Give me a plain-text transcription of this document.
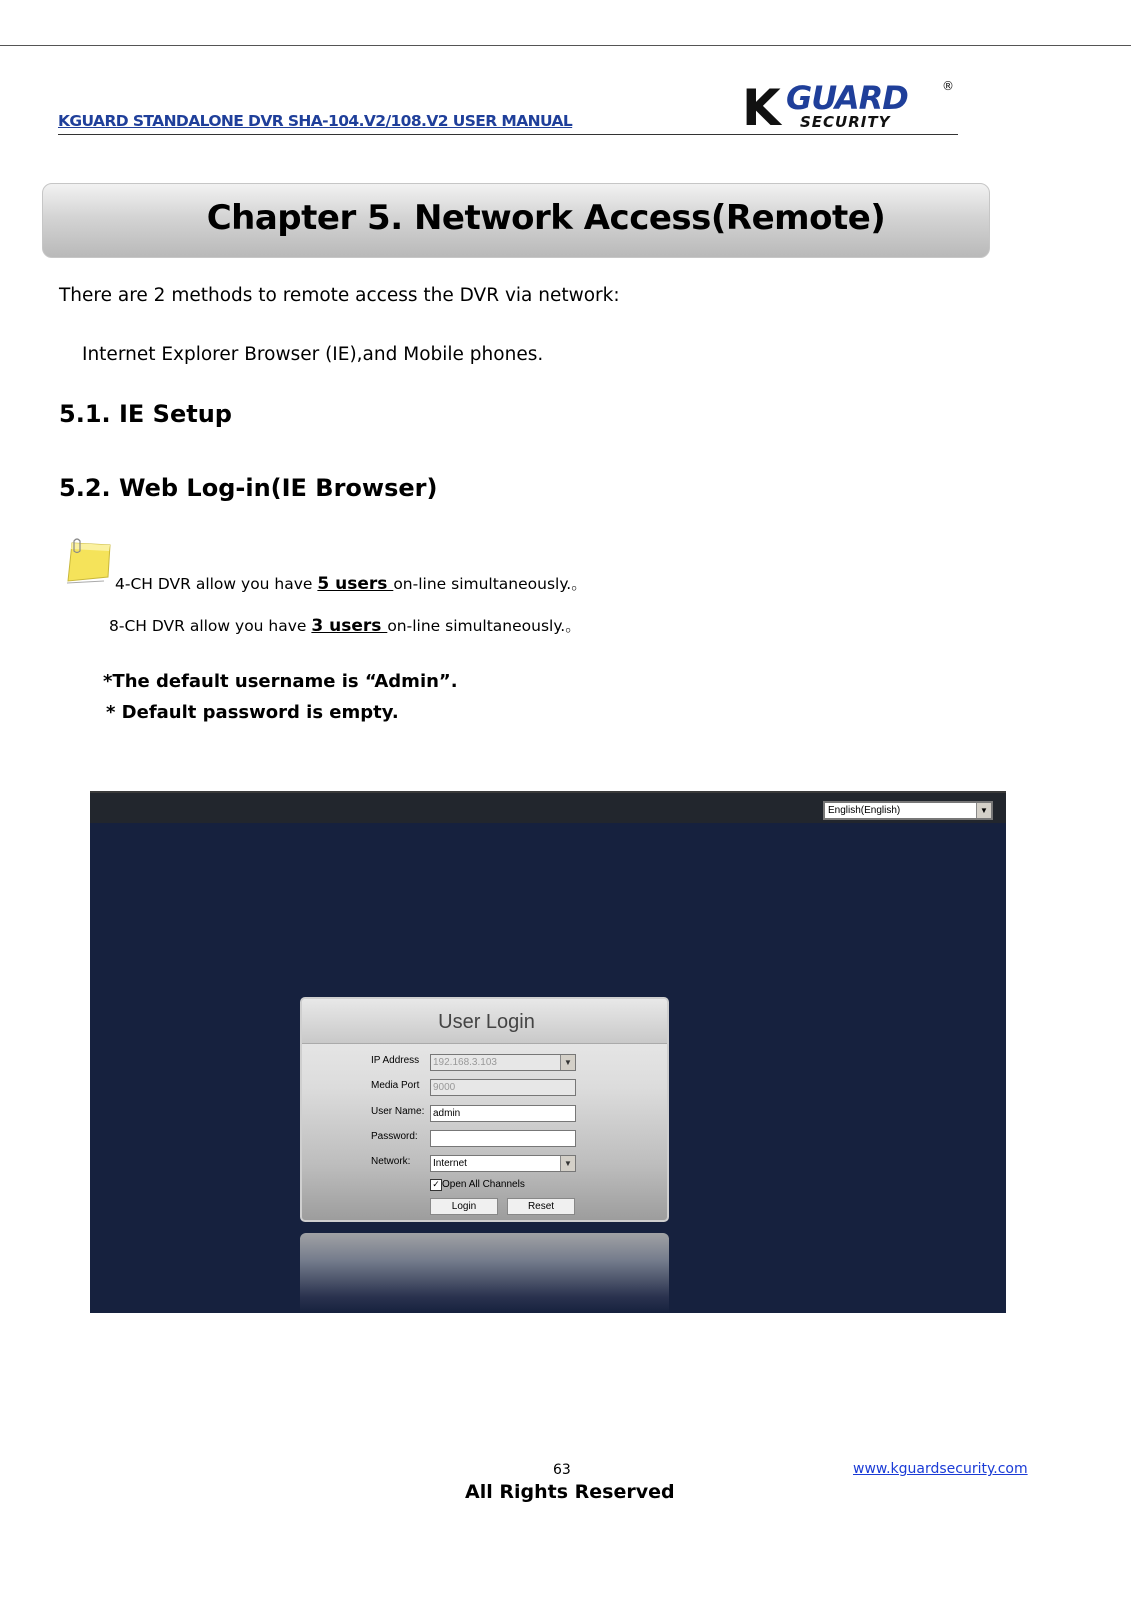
KGUARD STANDALONE DVR SHA-104.V2/108.V2 USER MANUAL	K GUARD	®
SECURITY
Chapter 5. Network Access(Remote)
There are 2 methods to remote access the DVR via network:
Internet Explorer Browser (IE),and Mobile phones.
5.1. IE Setup
5.2. Web Log-in(IE Browser)
4-CH DVR allow you have 5 users on-line simultaneously.。
8-CH DVR allow you have 3 users on-line simultaneously.。
*The default username is “Admin”.
* Default password is empty.
English(English)	▼
User Login
IP Address	192.168.3.103	▼
Media Port	9000
User Name: admin
Password:
Network:	Internet	▼
✓ Open All Channels
Login	Reset
63	www.kguardsecurity.com
All Rights Reserved
